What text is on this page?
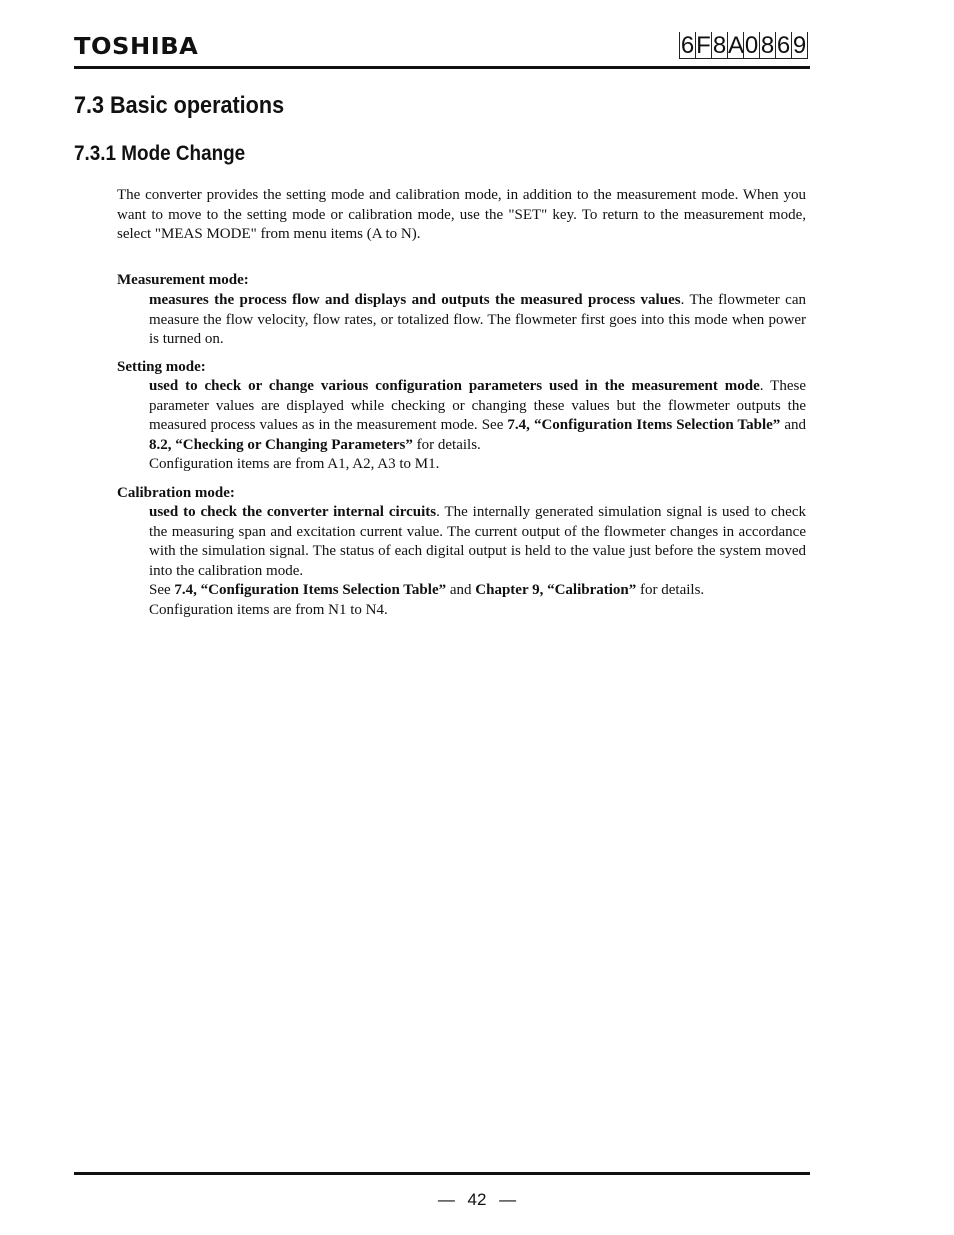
TOSHIBA	6 F 8 A 0 8 6 9
7.3 Basic operations
7.3.1 Mode Change

The converter provides the setting mode and calibration mode, in addition to the measurement mode. When you want to move to the setting mode or calibration mode, use the "SET" key. To return to the measurement mode, select "MEAS MODE" from menu items (A to N).

Measurement mode:

measures the process flow and displays and outputs the measured process values. The flowmeter can measure the flow velocity, flow rates, or totalized flow. The flowmeter first goes into this mode when power is turned on.

Setting mode:

used to check or change various configuration parameters used in the measurement mode. These parameter values are displayed while checking or changing these values but the flowmeter outputs the measured process values as in the measurement mode. See 7.4, “Configuration Items Selection Table” and 8.2, “Checking or Changing Parameters” for details.
Configuration items are from A1, A2, A3 to M1.

Calibration mode:

used to check the converter internal circuits. The internally generated simulation signal is used to check the measuring span and excitation current value. The current output of the flowmeter changes in accordance with the simulation signal. The status of each digital output is held to the value just before the system moved into the calibration mode.
See 7.4, “Configuration Items Selection Table” and Chapter 9, “Calibration” for details.
Configuration items are from N1 to N4.

— 42 —
